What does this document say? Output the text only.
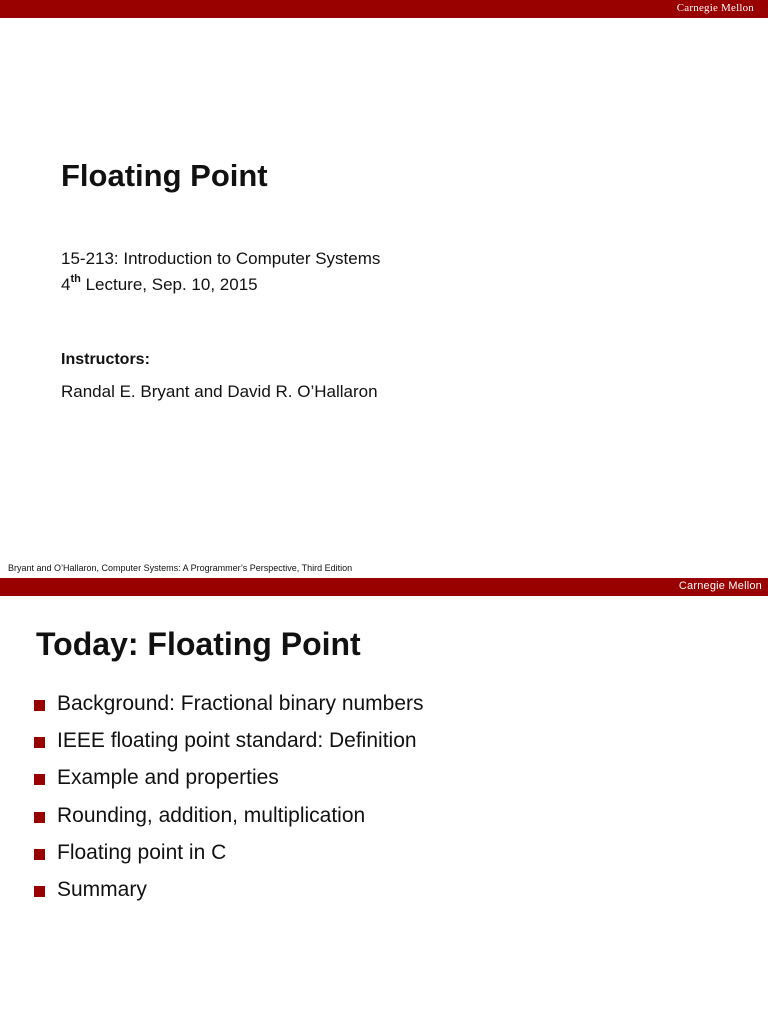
Carnegie Mellon
Floating Point
15-213: Introduction to Computer Systems
4th Lecture, Sep. 10, 2015
Instructors:
Randal E. Bryant and David R. O’Hallaron
Bryant and O’Hallaron, Computer Systems: A Programmer’s Perspective, Third Edition
Carnegie Mellon
Today: Floating Point
Background: Fractional binary numbers
IEEE floating point standard: Definition
Example and properties
Rounding, addition, multiplication
Floating point in C
Summary
